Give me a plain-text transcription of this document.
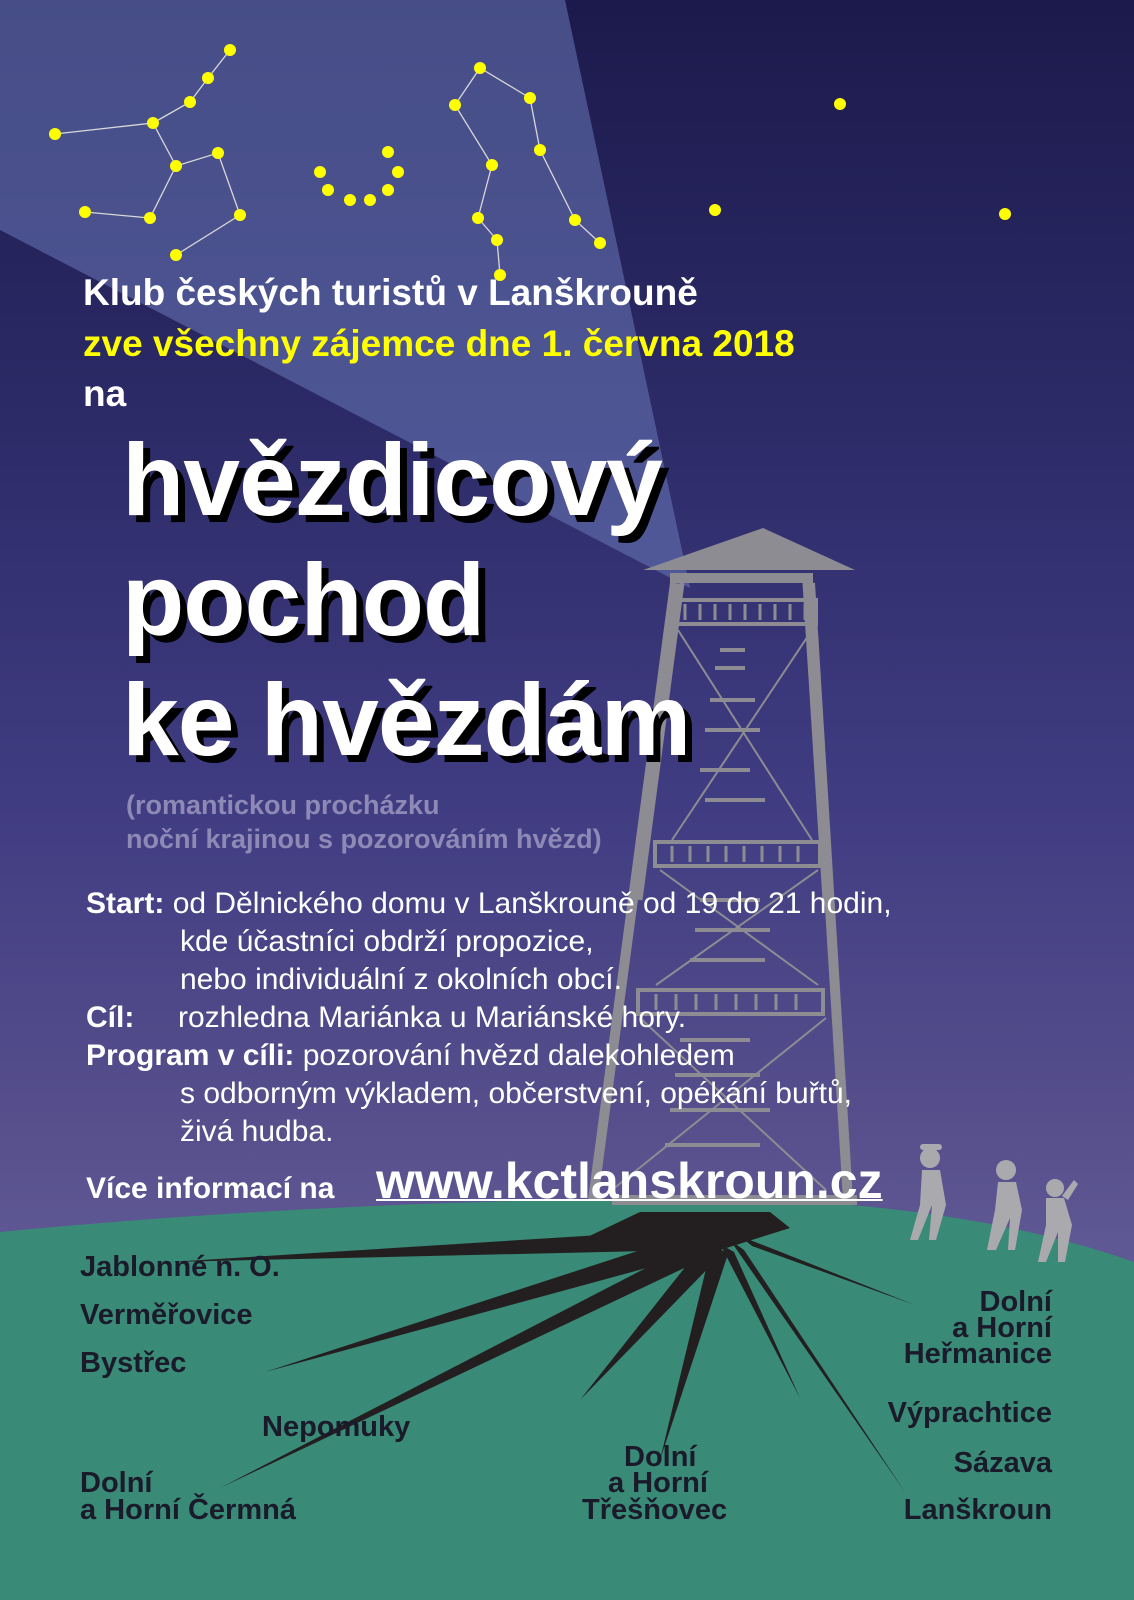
Klub českých turistů v Lanškrouně

zve všechny zájemce dne 1. června 2018

na

hvězdicový

pochod

ke hvězdám

(romantickou procházku

noční krajinou s pozorováním hvězd)

Start: od Dělnického domu v Lanškrouně od 19 do 21 hodin,

kde účastníci obdrží propozice,

nebo individuální z okolních obcí.

Cíl: rozhledna Mariánka u Mariánské hory.

Program v cíli: pozorování hvězd dalekohledem

s odborným výkladem, občerstvení, opékání buřtů,

živá hudba.

Více informací na www.kctlanskroun.cz

Jablonné n. O.

Verměřovice

Bystřec

Nepomuky

Dolní

a Horní Čermná

Dolní

a Horní

Třešňovec

Dolní

a Horní

Heřmanice

Výprachtice

Sázava

Lanškroun
